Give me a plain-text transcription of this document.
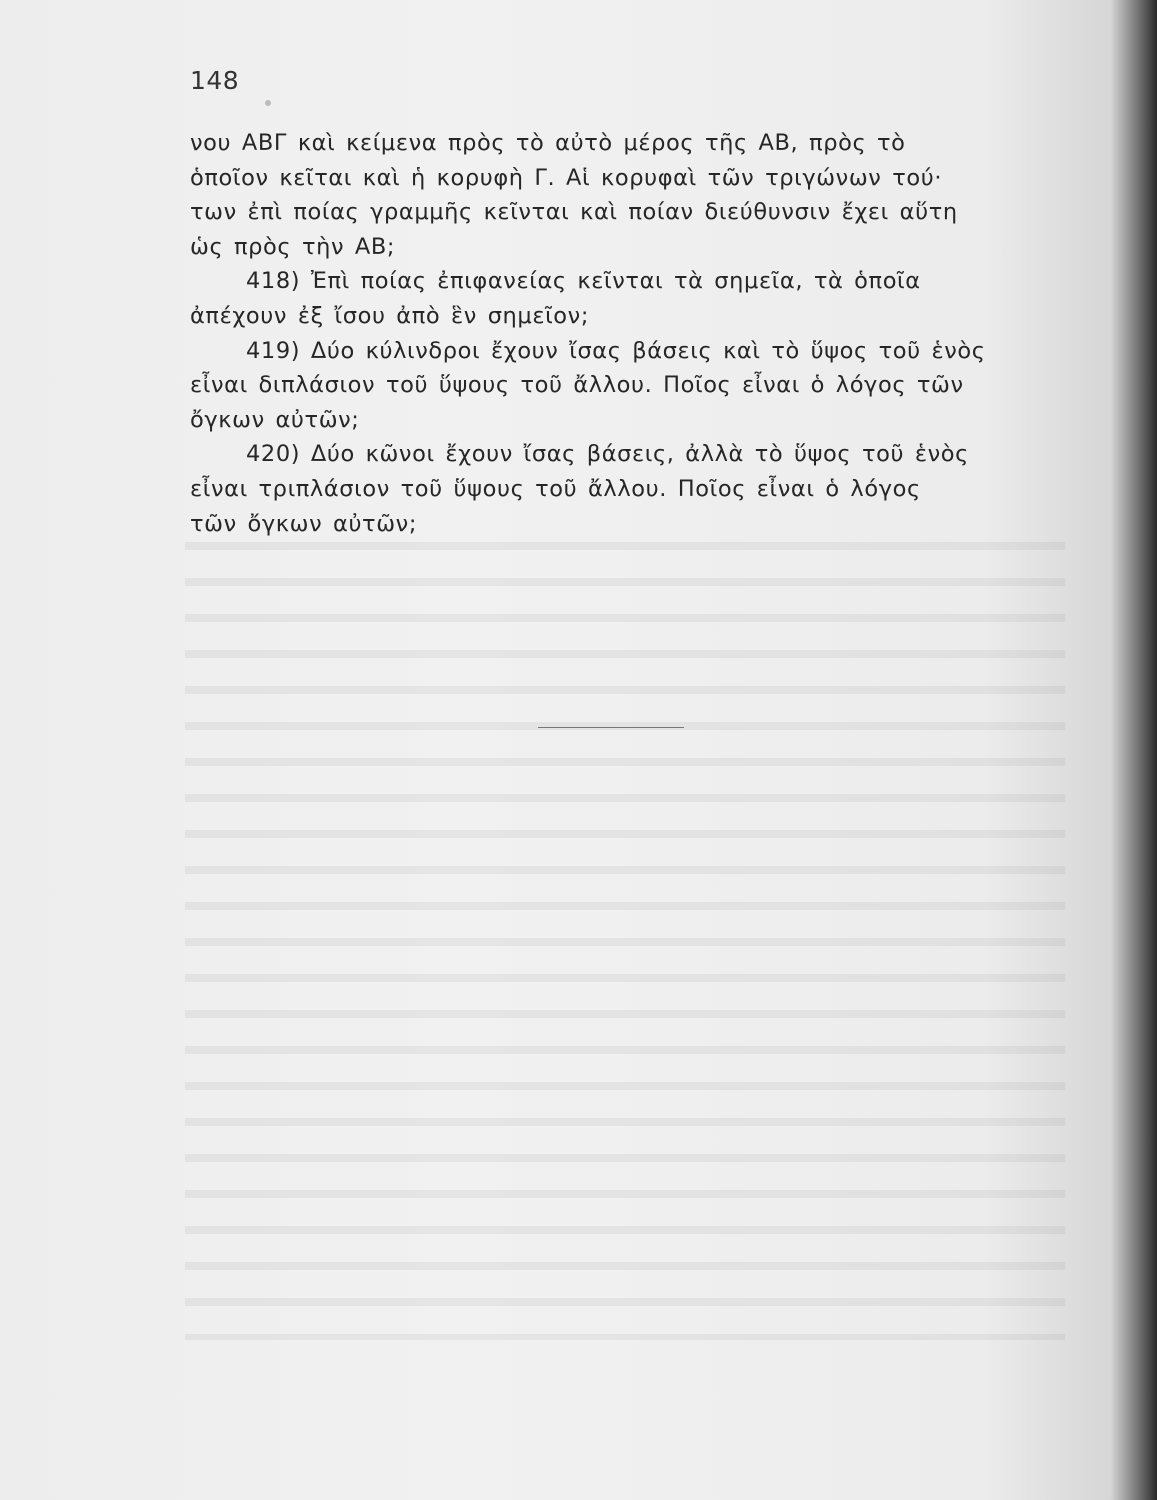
148
νου ΑΒΓ καὶ κείμενα πρὸς τὸ αὐτὸ μέρος τῆς ΑΒ, πρὸς τὸ
ὁποῖον κεῖται καὶ ἡ κορυφὴ Γ. Αἱ κορυφαὶ τῶν τριγώνων τού·
των ἐπὶ ποίας γραμμῆς κεῖνται καὶ ποίαν διεύθυνσιν ἔχει αὕτη
ὡς πρὸς τὴν ΑΒ;
418) Ἐπὶ ποίας ἐπιφανείας κεῖνται τὰ σημεῖα, τὰ ὁποῖα
ἀπέχουν ἐξ ἴσου ἀπὸ ἓν σημεῖον;
419) Δύο κύλινδροι ἔχουν ἴσας βάσεις καὶ τὸ ὕψος τοῦ ἑνὸς
εἶναι διπλάσιον τοῦ ὕψους τοῦ ἄλλου. Ποῖος εἶναι ὁ λόγος τῶν
ὄγκων αὐτῶν;
420) Δύο κῶνοι ἔχουν ἴσας βάσεις, ἀλλὰ τὸ ὕψος τοῦ ἑνὸς
εἶναι τριπλάσιον τοῦ ὕψους τοῦ ἄλλου. Ποῖος εἶναι ὁ λόγος
τῶν ὄγκων αὐτῶν;
